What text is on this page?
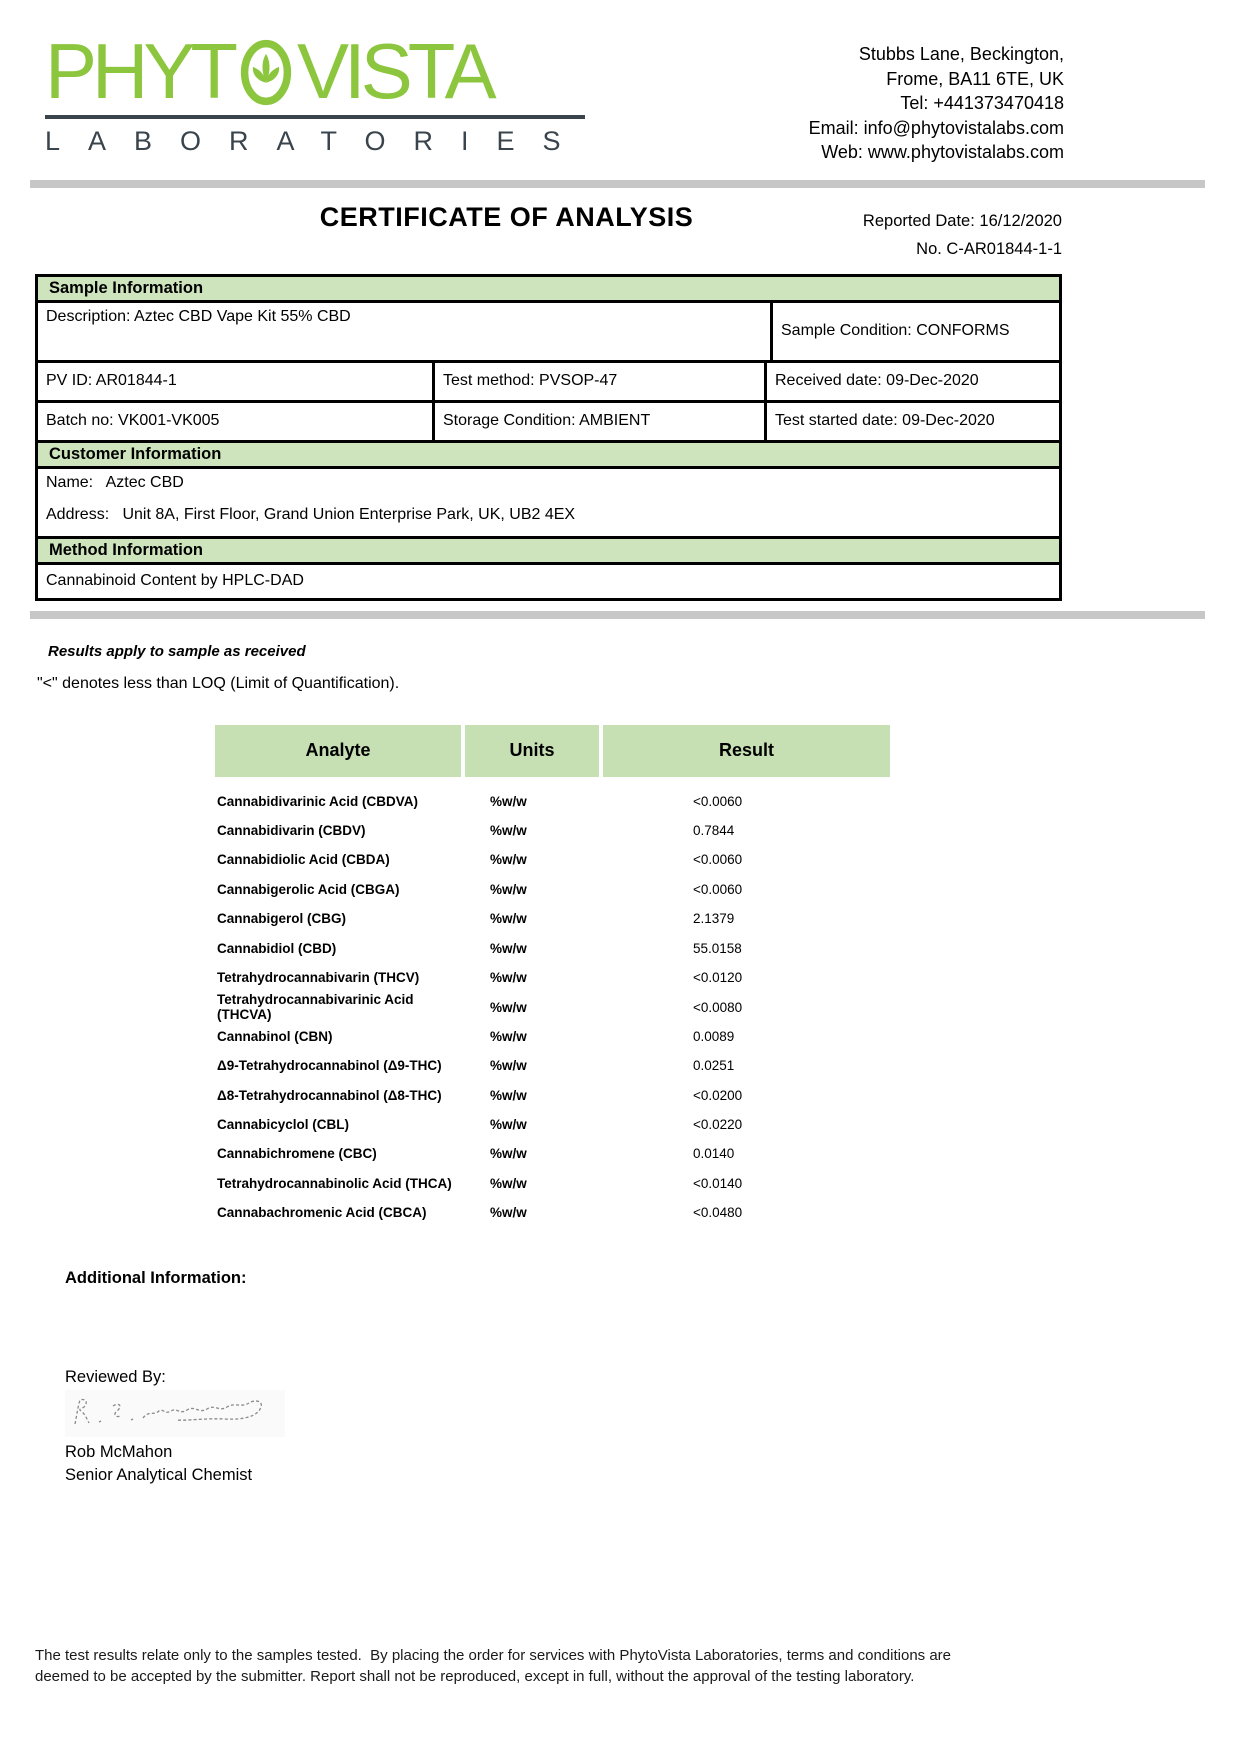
PHYT VISTA
LABORATORIES
Stubbs Lane, Beckington,
Frome, BA11 6TE, UK
Tel: +441373470418
Email: info@phytovistalabs.com
Web: www.phytovistalabs.com
Reported Date: 16/12/2020
No. C-AR01844-1-1
CERTIFICATE OF ANALYSIS
Sample Information
Description: Aztec CBD Vape Kit 55% CBD
Sample Condition: CONFORMS
PV ID: AR01844-1	Test method: PVSOP-47	Received date: 09-Dec-2020
Batch no: VK001-VK005	Storage Condition: AMBIENT	Test started date: 09-Dec-2020
Customer Information
Name:   Aztec CBD
Address:   Unit 8A, First Floor, Grand Union Enterprise Park, UK, UB2 4EX
Method Information
Cannabinoid Content by HPLC-DAD

Results apply to sample as received

"<" denotes less than LOQ (Limit of Quantification).

Analyte	Units	Result
Cannabidivarinic Acid (CBDVA)	%w/w	<0.0060
Cannabidivarin (CBDV)	%w/w	0.7844
Cannabidiolic Acid (CBDA)	%w/w	<0.0060
Cannabigerolic Acid (CBGA)	%w/w	<0.0060
Cannabigerol (CBG)	%w/w	2.1379
Cannabidiol (CBD)	%w/w	55.0158
Tetrahydrocannabivarin (THCV)	%w/w	<0.0120
Tetrahydrocannabivarinic Acid (THCVA)	%w/w	<0.0080
Cannabinol (CBN)	%w/w	0.0089
Δ9-Tetrahydrocannabinol (Δ9-THC)	%w/w	0.0251
Δ8-Tetrahydrocannabinol (Δ8-THC)	%w/w	<0.0200
Cannabicyclol (CBL)	%w/w	<0.0220
Cannabichromene (CBC)	%w/w	0.0140
Tetrahydrocannabinolic Acid (THCA)	%w/w	<0.0140
Cannabachromenic Acid (CBCA)	%w/w	<0.0480

Additional Information:

Reviewed By:

Rob McMahon

Senior Analytical Chemist

The test results relate only to the samples tested.  By placing the order for services with PhytoVista Laboratories, terms and conditions are deemed to be accepted by the submitter. Report shall not be reproduced, except in full, without the approval of the testing laboratory.
